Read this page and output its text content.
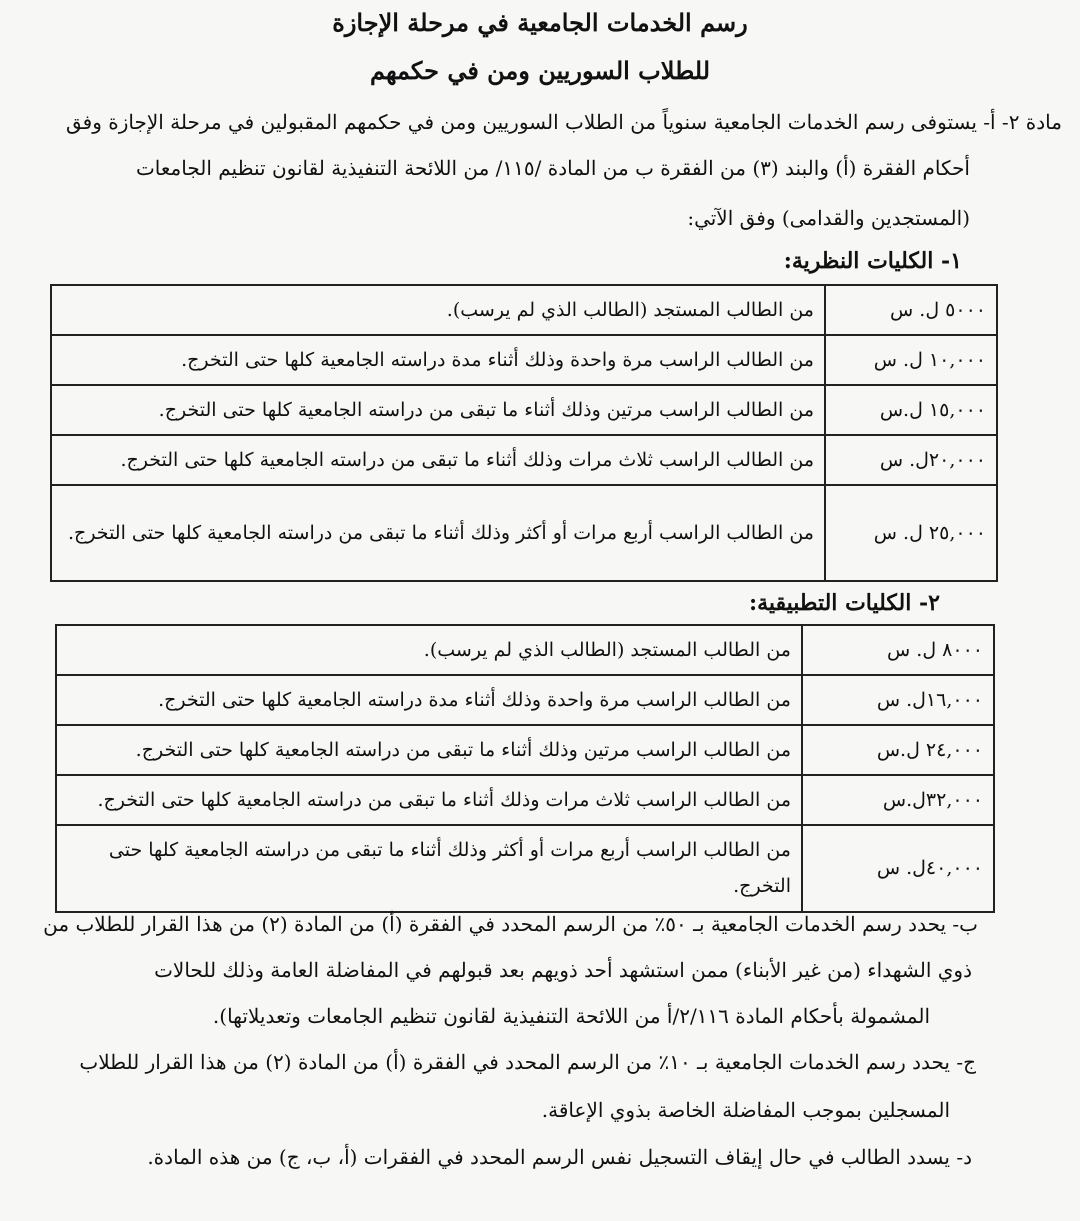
رسم الخدمات الجامعية في مرحلة الإجازة
للطلاب السوريين ومن في حكمهم
مادة ٢- أ- يستوفى رسم الخدمات الجامعية سنوياً من الطلاب السوريين ومن في حكمهم المقبولين في مرحلة الإجازة وفق
أحكام الفقرة (أ) والبند (٣) من الفقرة ب من المادة /١١٥/ من اللائحة التنفيذية لقانون تنظيم الجامعات
(المستجدين والقدامى) وفق الآتي:
١- الكليات النظرية:
٥٠٠٠ ل. س	من الطالب المستجد (الطالب الذي لم يرسب).
١٠,٠٠٠ ل. س	من الطالب الراسب مرة واحدة وذلك أثناء مدة دراسته الجامعية كلها حتى التخرج.
١٥,٠٠٠ ل.س	من الطالب الراسب مرتين وذلك أثناء ما تبقى من دراسته الجامعية كلها حتى التخرج.
٢٠,٠٠٠ل. س	من الطالب الراسب ثلاث مرات وذلك أثناء ما تبقى من دراسته الجامعية كلها حتى التخرج.
٢٥,٠٠٠ ل. س	من الطالب الراسب أربع مرات أو أكثر وذلك أثناء ما تبقى من دراسته الجامعية كلها حتى التخرج.
٢- الكليات التطبيقية:
٨٠٠٠ ل. س	من الطالب المستجد (الطالب الذي لم يرسب).
١٦,٠٠٠ل. س	من الطالب الراسب مرة واحدة وذلك أثناء مدة دراسته الجامعية كلها حتى التخرج.
٢٤,٠٠٠ ل.س	من الطالب الراسب مرتين وذلك أثناء ما تبقى من دراسته الجامعية كلها حتى التخرج.
٣٢,٠٠٠ل.س	من الطالب الراسب ثلاث مرات وذلك أثناء ما تبقى من دراسته الجامعية كلها حتى التخرج.
٤٠,٠٠٠ل. س	من الطالب الراسب أربع مرات أو أكثر وذلك أثناء ما تبقى من دراسته الجامعية كلها حتى التخرج.
ب- يحدد رسم الخدمات الجامعية بـ ٥٠٪ من الرسم المحدد في الفقرة (أ) من المادة (٢) من هذا القرار للطلاب من
ذوي الشهداء (من غير الأبناء) ممن استشهد أحد ذويهم بعد قبولهم في المفاضلة العامة وذلك للحالات
المشمولة بأحكام المادة ٢/١١٦/أ من اللائحة التنفيذية لقانون تنظيم الجامعات وتعديلاتها).
ج- يحدد رسم الخدمات الجامعية بـ ١٠٪ من الرسم المحدد في الفقرة (أ) من المادة (٢) من هذا القرار للطلاب
المسجلين بموجب المفاضلة الخاصة بذوي الإعاقة.
د- يسدد الطالب في حال إيقاف التسجيل نفس الرسم المحدد في الفقرات (أ، ب، ج) من هذه المادة.
